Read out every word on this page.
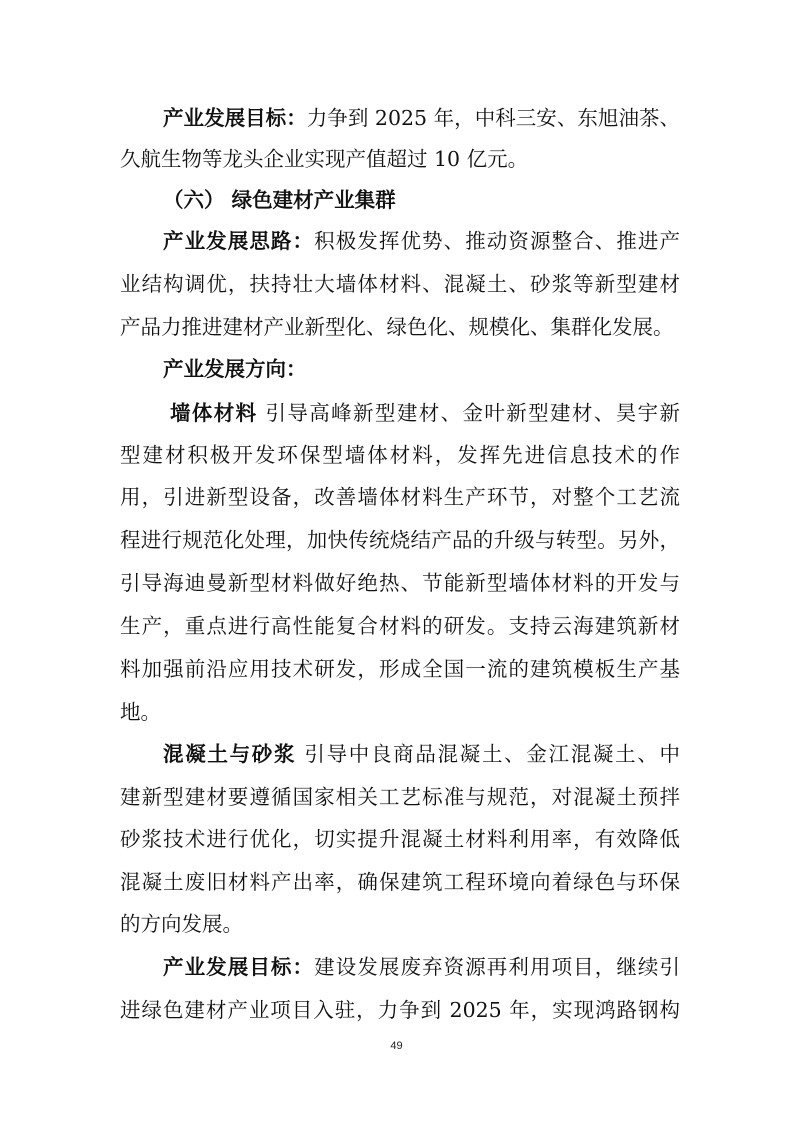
产业发展目标：力争到 2025 年，中科三安、东旭油茶、
久航生物等龙头企业实现产值超过 10 亿元。
（六） 绿色建材产业集群
产业发展思路：积极发挥优势、推动资源整合、推进产
业结构调优，扶持壮大墙体材料、混凝土、砂浆等新型建材
产品力推进建材产业新型化、绿色化、规模化、集群化发展。
产业发展方向：
墙体材料 引导高峰新型建材、金叶新型建材、昊宇新
型建材积极开发环保型墙体材料，发挥先进信息技术的作
用，引进新型设备，改善墙体材料生产环节，对整个工艺流
程进行规范化处理，加快传统烧结产品的升级与转型。另外，
引导海迪曼新型材料做好绝热、节能新型墙体材料的开发与
生产，重点进行高性能复合材料的研发。支持云海建筑新材
料加强前沿应用技术研发，形成全国一流的建筑模板生产基
地。
混凝土与砂浆 引导中良商品混凝土、金江混凝土、中
建新型建材要遵循国家相关工艺标准与规范，对混凝土预拌
砂浆技术进行优化，切实提升混凝土材料利用率，有效降低
混凝土废旧材料产出率，确保建筑工程环境向着绿色与环保
的方向发展。
产业发展目标：建设发展废弃资源再利用项目，继续引
进绿色建材产业项目入驻，力争到 2025 年，实现鸿路钢构
49
